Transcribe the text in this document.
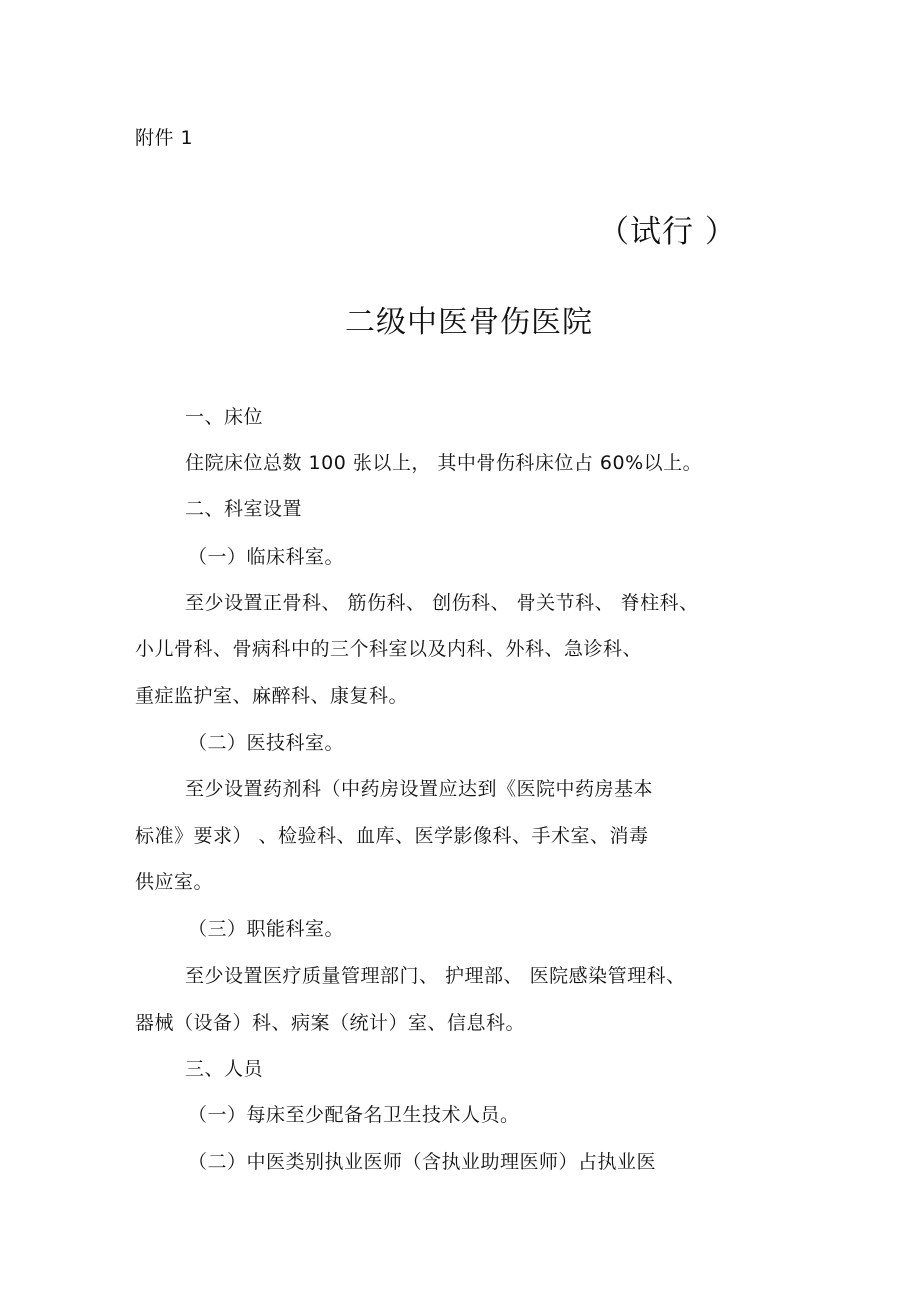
附件 1
（试行 ）
二级中医骨伤医院
一、床位
住院床位总数 100 张以上， 其中骨伤科床位占 60%以上。
二、科室设置
（一）临床科室。
至少设置正骨科、 筋伤科、 创伤科、 骨关节科、 脊柱科、
小儿骨科、骨病科中的三个科室以及内科、外科、急诊科、
重症监护室、麻醉科、康复科。
（二）医技科室。
至少设置药剂科（中药房设置应达到《医院中药房基本
标准》要求） 、检验科、血库、医学影像科、手术室、消毒
供应室。
（三）职能科室。
至少设置医疗质量管理部门、 护理部、 医院感染管理科、
器械（设备）科、病案（统计）室、信息科。
三、人员
（一）每床至少配备名卫生技术人员。
（二）中医类别执业医师（含执业助理医师）占执业医
